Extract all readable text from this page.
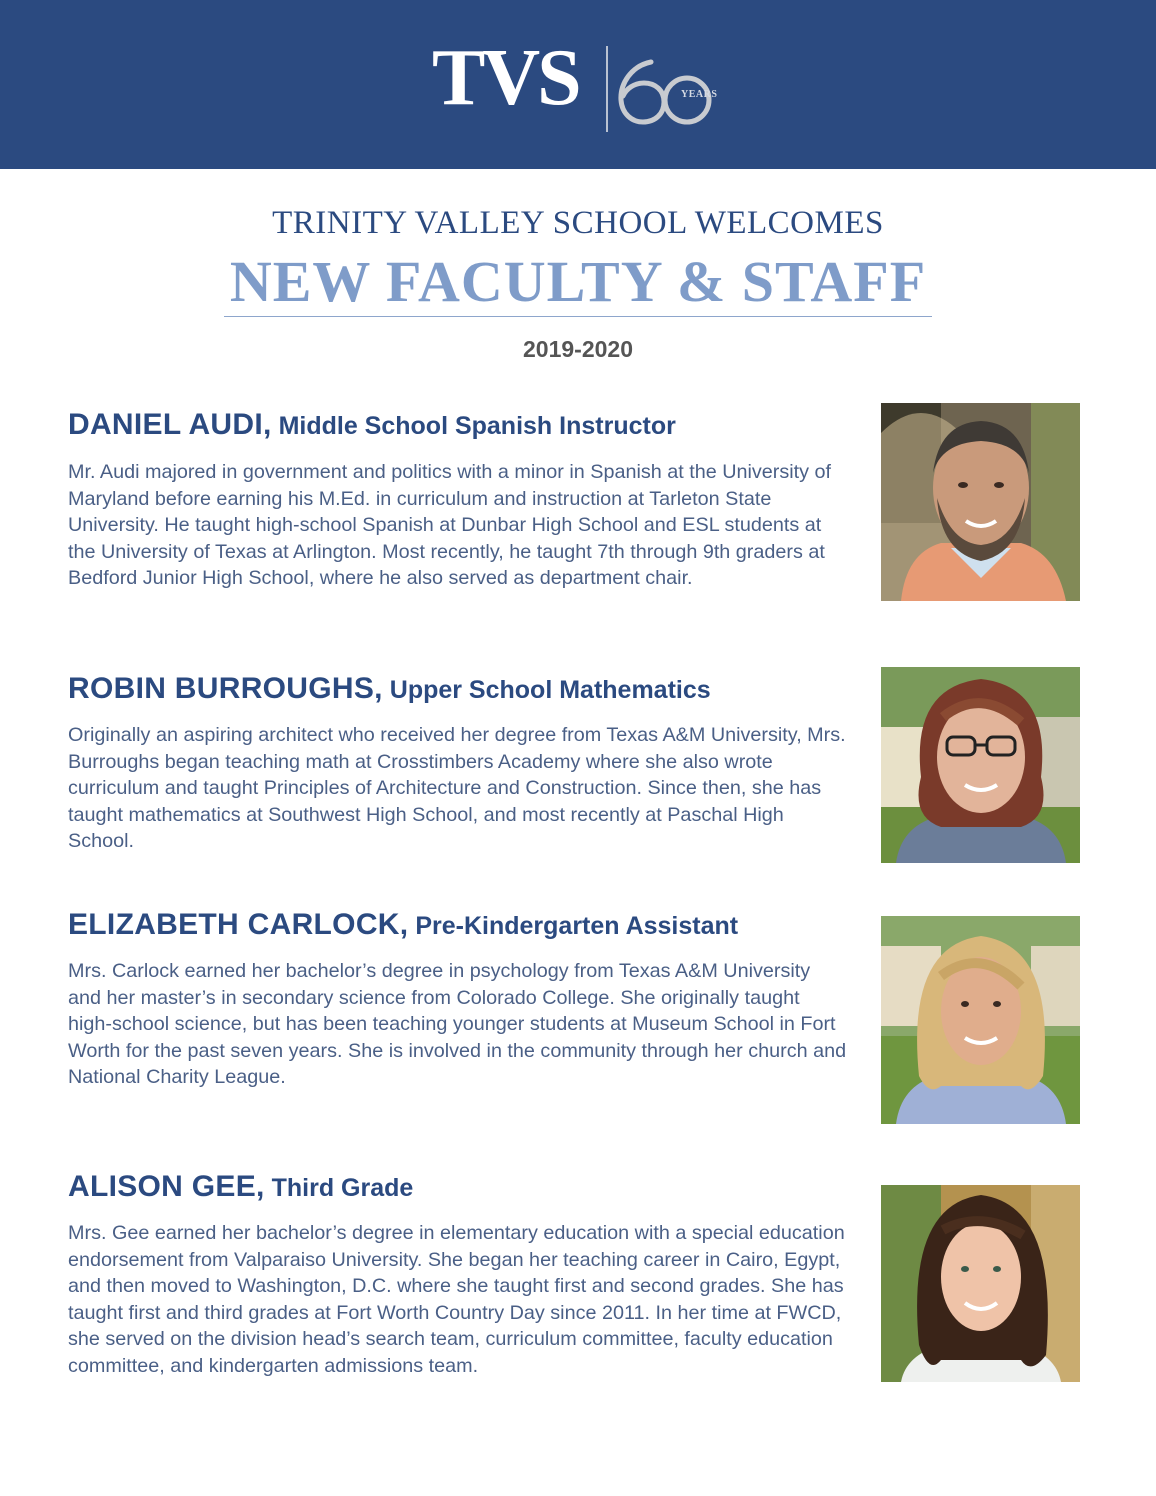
TVS	YEARS
TRINITY VALLEY SCHOOL WELCOMES
NEW FACULTY & STAFF
2019-2020
DANIEL AUDI, Middle School Spanish Instructor
Mr. Audi majored in government and politics with a minor in Spanish at the University of Maryland before earning his M.Ed. in curriculum and instruction at Tarleton State University. He taught high-school Spanish at Dunbar High School and ESL students at the University of Texas at Arlington. Most recently, he taught 7th through 9th graders at Bedford Junior High School, where he also served as department chair.
ROBIN BURROUGHS, Upper School Mathematics
Originally an aspiring architect who received her degree from Texas A&M University, Mrs. Burroughs began teaching math at Crosstimbers Academy where she also wrote curriculum and taught Principles of Architecture and Construction. Since then, she has taught mathematics at Southwest High School, and most recently at Paschal High School.
ELIZABETH CARLOCK, Pre-Kindergarten Assistant
Mrs. Carlock earned her bachelor’s degree in psychology from Texas A&M University and her master’s in secondary science from Colorado College. She originally taught high-school science, but has been teaching younger students at Museum School in Fort Worth for the past seven years. She is involved in the community through her church and National Charity League.
ALISON GEE, Third Grade
Mrs. Gee earned her bachelor’s degree in elementary education with a special education endorsement from Valparaiso University. She began her teaching career in Cairo, Egypt, and then moved to Washington, D.C. where she taught first and second grades. She has taught first and third grades at Fort Worth Country Day since 2011. In her time at FWCD, she served on the division head’s search team, curriculum committee, faculty education committee, and kindergarten admissions team.
